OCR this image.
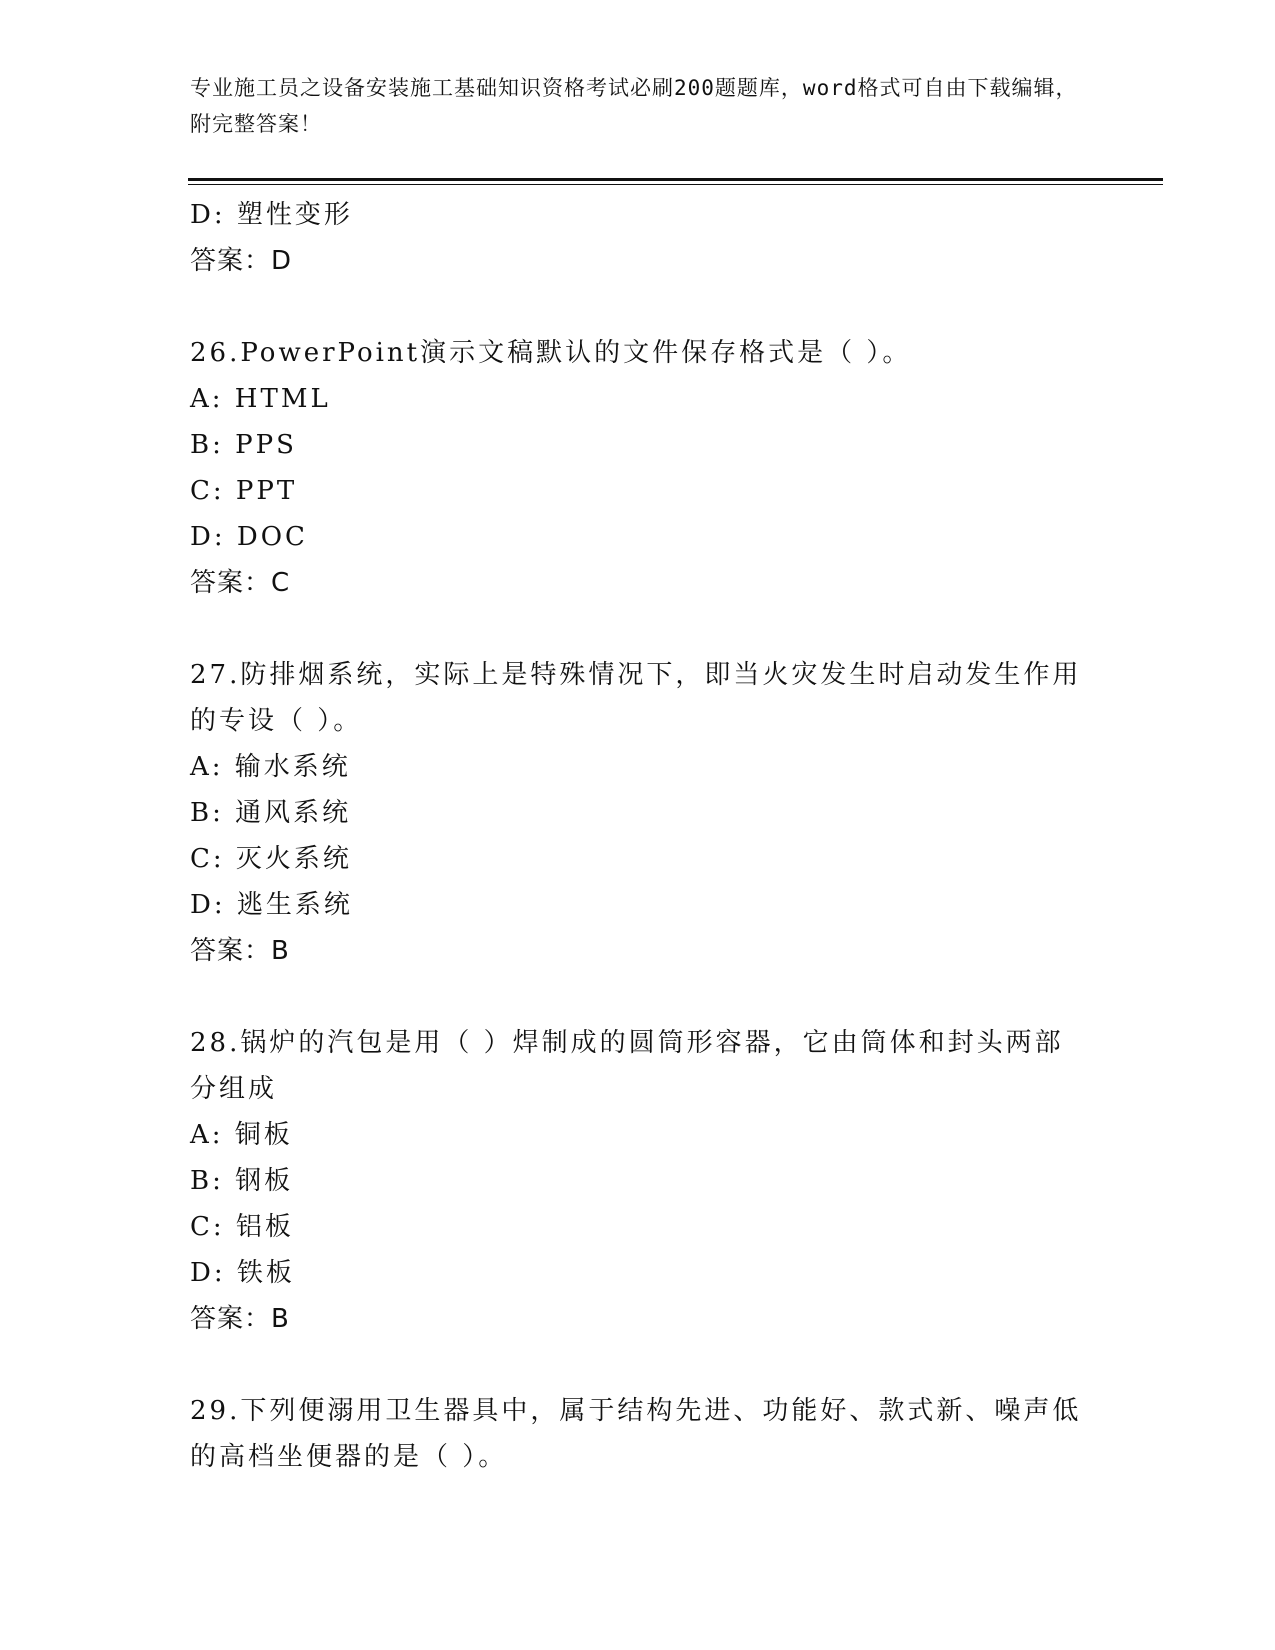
专业施工员之设备安装施工基础知识资格考试必刷200题题库，word格式可自由下载编辑，附完整答案！
D: 塑性变形
答案：D
26.PowerPoint演示文稿默认的文件保存格式是（ ）。
A: HTML
B: PPS
C: PPT
D: DOC
答案：C
27.防排烟系统，实际上是特殊情况下，即当火灾发生时启动发生作用的专设（ ）。
A: 输水系统
B: 通风系统
C: 灭火系统
D: 逃生系统
答案：B
28.锅炉的汽包是用（ ）焊制成的圆筒形容器，它由筒体和封头两部分组成
A: 铜板
B: 钢板
C: 铝板
D: 铁板
答案：B
29.下列便溺用卫生器具中，属于结构先进、功能好、款式新、噪声低的高档坐便器的是（ ）。
